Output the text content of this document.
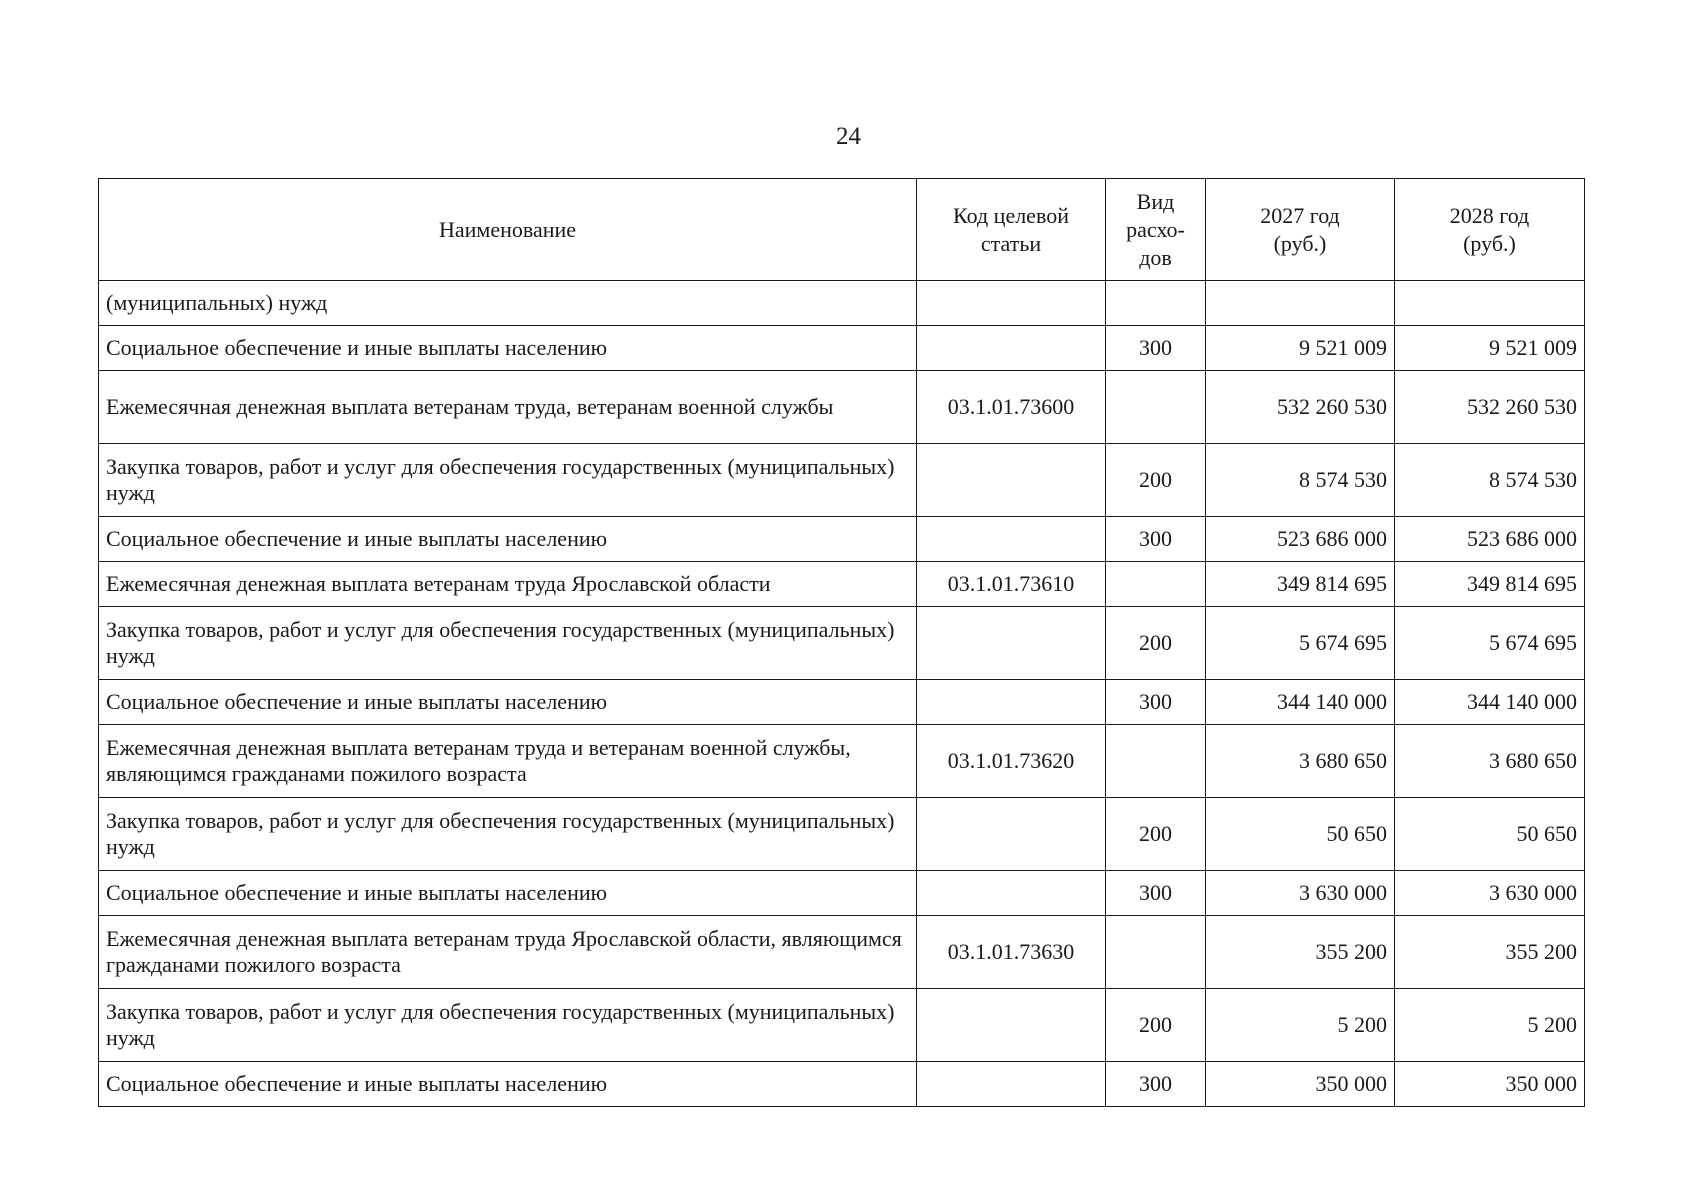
24
Наименование	Код целевой статьи	Вид расхо-дов	2027 год (руб.)	2028 год (руб.)

(муниципальных) нужд				
Социальное обеспечение и иные выплаты населению		300	9 521 009	9 521 009
Ежемесячная денежная выплата ветеранам труда, ветеранам военной службы	03.1.01.73600		532 260 530	532 260 530
Закупка товаров, работ и услуг для обеспечения государственных (муниципальных) нужд		200	8 574 530	8 574 530
Социальное обеспечение и иные выплаты населению		300	523 686 000	523 686 000
Ежемесячная денежная выплата ветеранам труда Ярославской области	03.1.01.73610		349 814 695	349 814 695
Закупка товаров, работ и услуг для обеспечения государственных (муниципальных) нужд		200	5 674 695	5 674 695
Социальное обеспечение и иные выплаты населению		300	344 140 000	344 140 000
Ежемесячная денежная выплата ветеранам труда и ветеранам военной службы, являющимся гражданами пожилого возраста	03.1.01.73620		3 680 650	3 680 650
Закупка товаров, работ и услуг для обеспечения государственных (муниципальных) нужд		200	50 650	50 650
Социальное обеспечение и иные выплаты населению		300	3 630 000	3 630 000
Ежемесячная денежная выплата ветеранам труда Ярославской области, являющимся гражданами пожилого возраста	03.1.01.73630		355 200	355 200
Закупка товаров, работ и услуг для обеспечения государственных (муниципальных) нужд		200	5 200	5 200
Социальное обеспечение и иные выплаты населению		300	350 000	350 000
